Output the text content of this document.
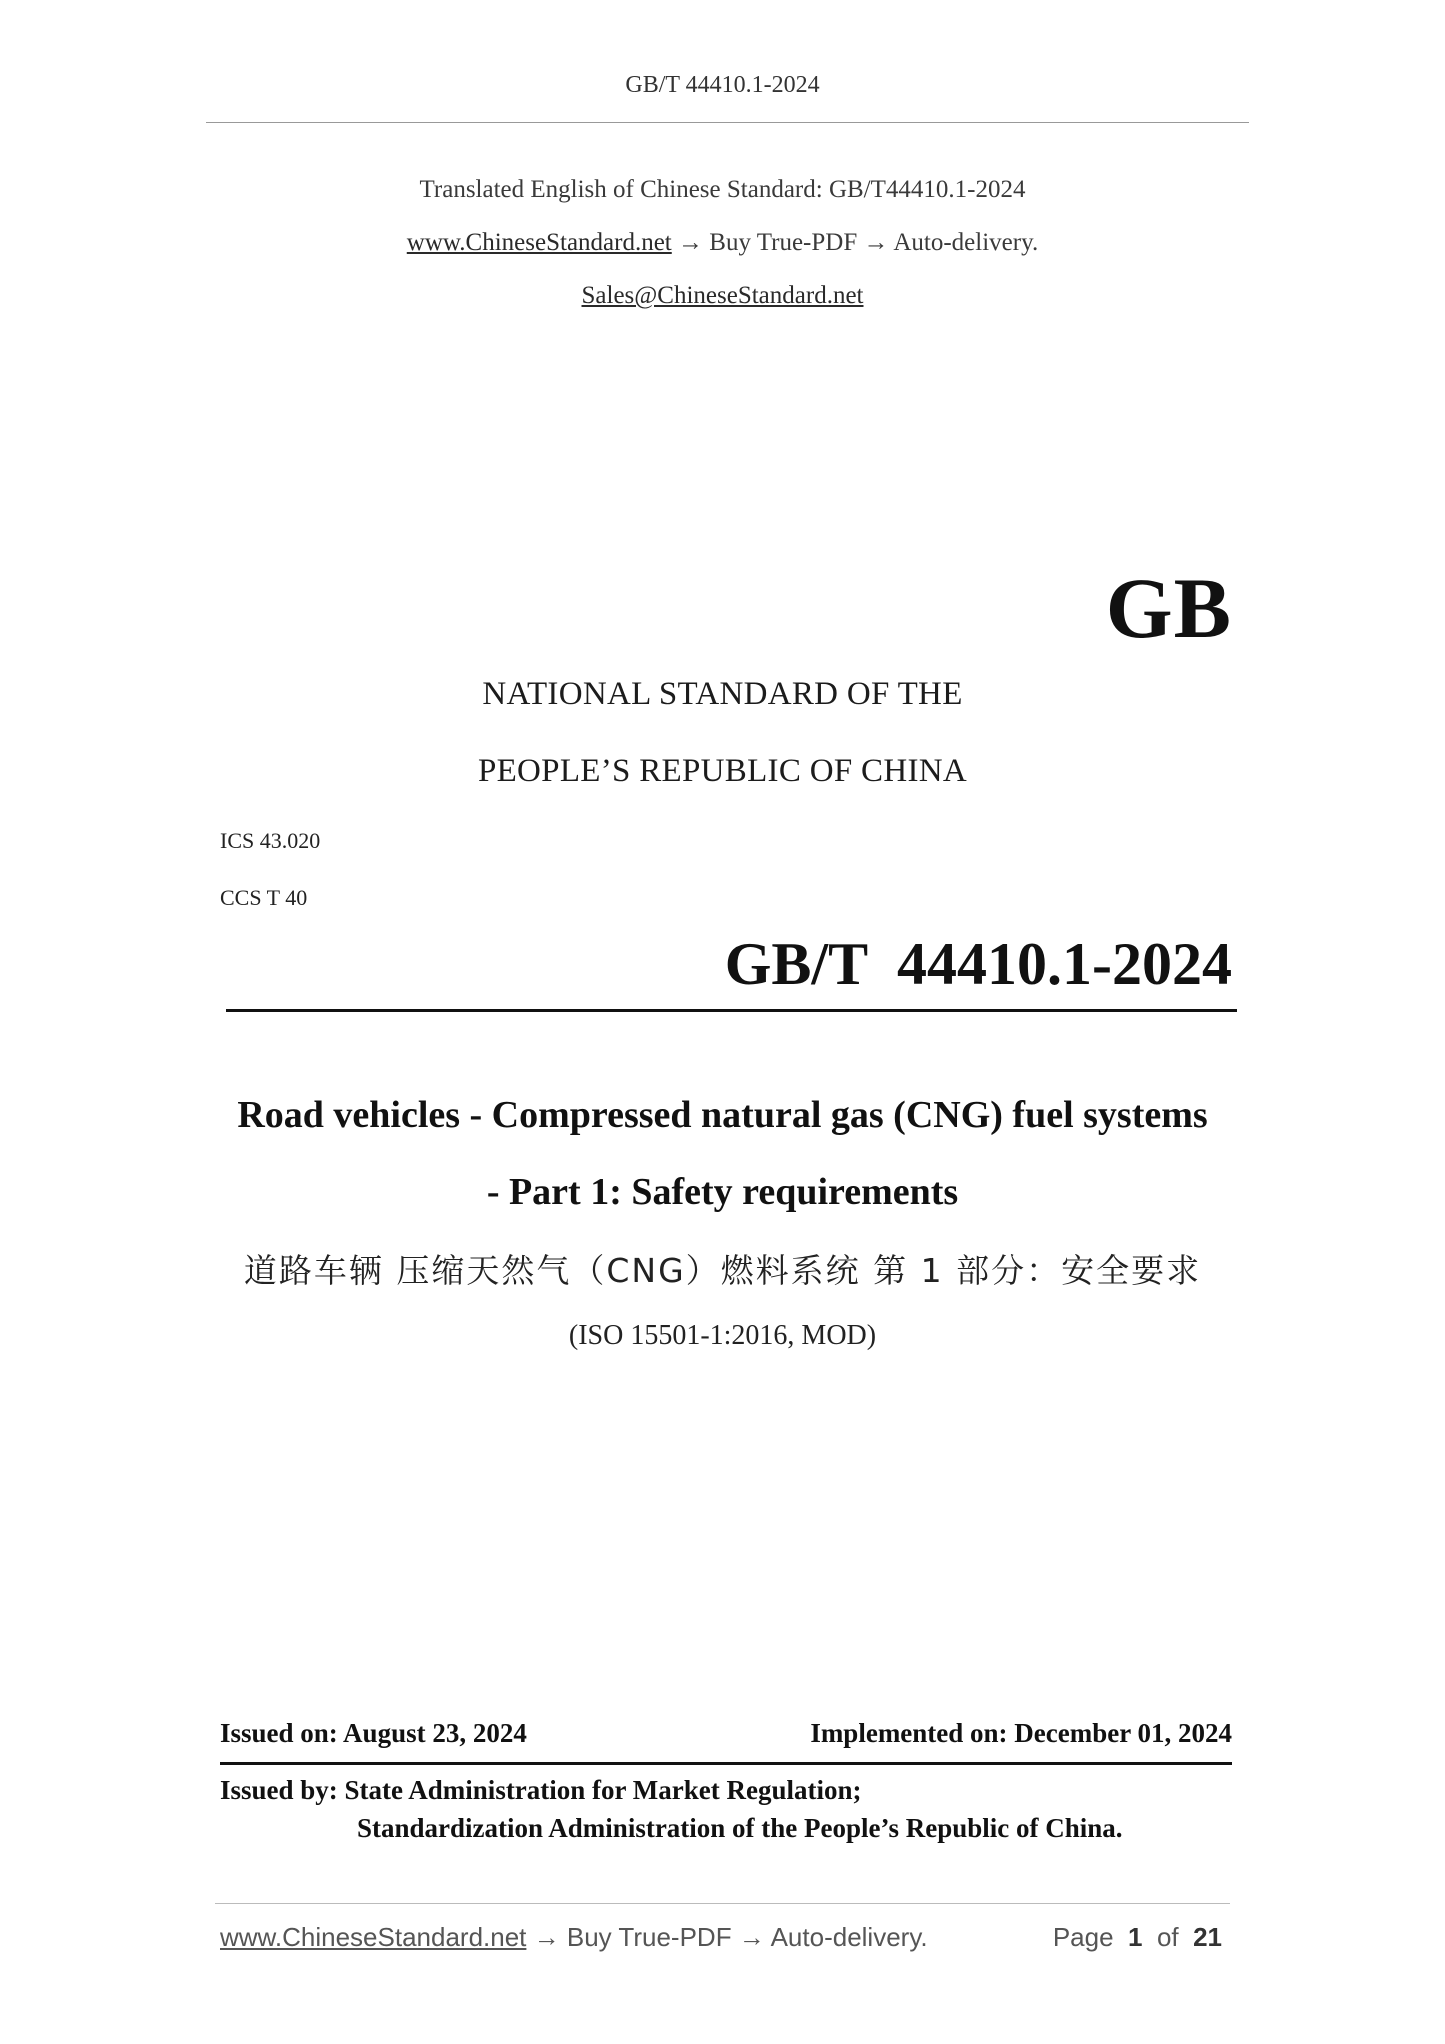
GB/T 44410.1-2024
Translated English of Chinese Standard: GB/T44410.1-2024
www.ChineseStandard.net → Buy True-PDF → Auto-delivery.
Sales@ChineseStandard.net
GB
NATIONAL STANDARD OF THE
PEOPLE’S REPUBLIC OF CHINA
ICS 43.020
CCS T 40
GB/T  44410.1-2024
Road vehicles - Compressed natural gas (CNG) fuel systems
- Part 1: Safety requirements
道路车辆 压缩天然气（CNG）燃料系统 第 1 部分：安全要求
(ISO 15501-1:2016, MOD)
Issued on: August 23, 2024	Implemented on: December 01, 2024
Issued by: State Administration for Market Regulation;
Standardization Administration of the People’s Republic of China.
www.ChineseStandard.net → Buy True-PDF → Auto-delivery.	Page 1 of 21
